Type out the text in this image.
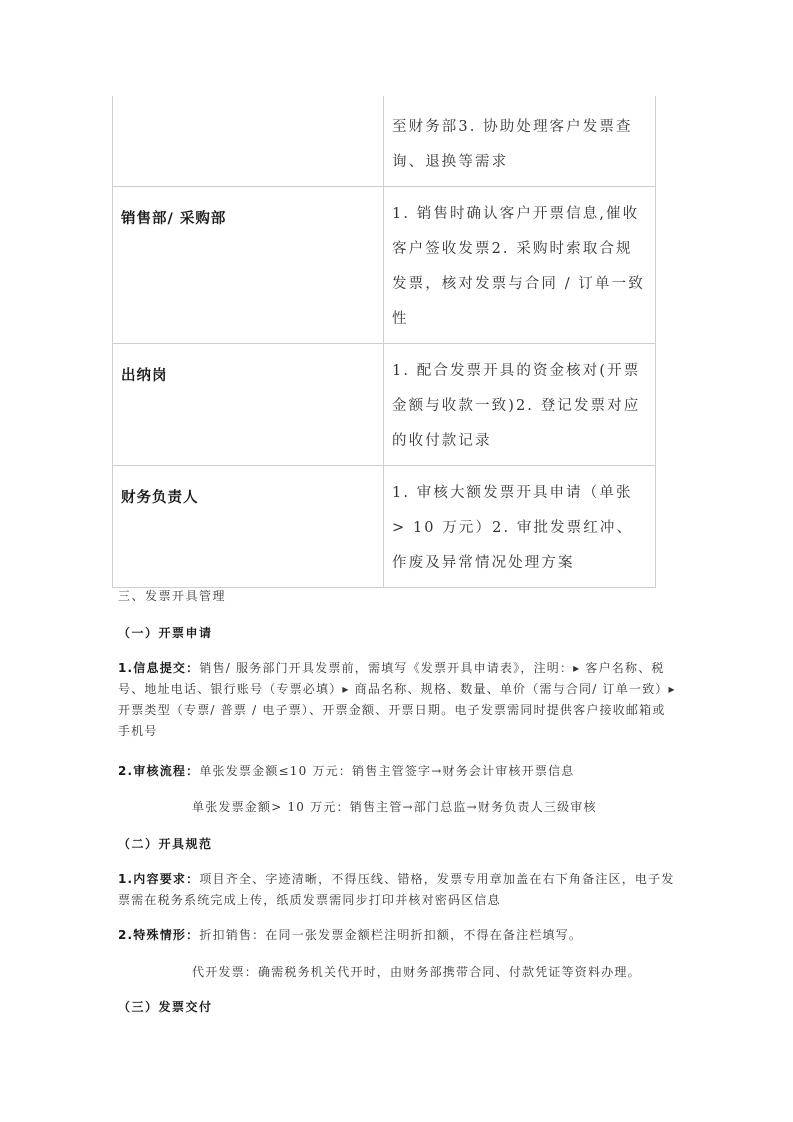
	至财务部3. 协助处理客户发票查询、退换等需求

销售部/ 采购部	1. 销售时确认客户开票信息,催收客户签收发票2. 采购时索取合规发票，核对发票与合同 / 订单一致性

出纳岗	1. 配合发票开具的资金核对(开票金额与收款一致)2. 登记发票对应的收付款记录

财务负责人	1. 审核大额发票开具申请（单张 > 10 万元）2. 审批发票红冲、作废及异常情况处理方案

三、发票开具管理

（一）开票申请

1.信息提交：销售/ 服务部门开具发票前，需填写《发票开具申请表》，注明：▸ 客户名称、税号、地址电话、银行账号（专票必填）▸ 商品名称、规格、数量、单价（需与合同/ 订单一致）▸ 开票类型（专票/ 普票 / 电子票）、开票金额、开票日期。电子发票需同时提供客户接收邮箱或手机号

2.审核流程：单张发票金额≤10 万元：销售主管签字→财务会计审核开票信息

单张发票金额> 10 万元：销售主管→部门总监→财务负责人三级审核

（二）开具规范

1.内容要求：项目齐全、字迹清晰，不得压线、错格，发票专用章加盖在右下角备注区，电子发票需在税务系统完成上传，纸质发票需同步打印并核对密码区信息

2.特殊情形：折扣销售：在同一张发票金额栏注明折扣额，不得在备注栏填写。

代开发票：确需税务机关代开时，由财务部携带合同、付款凭证等资料办理。

（三）发票交付
